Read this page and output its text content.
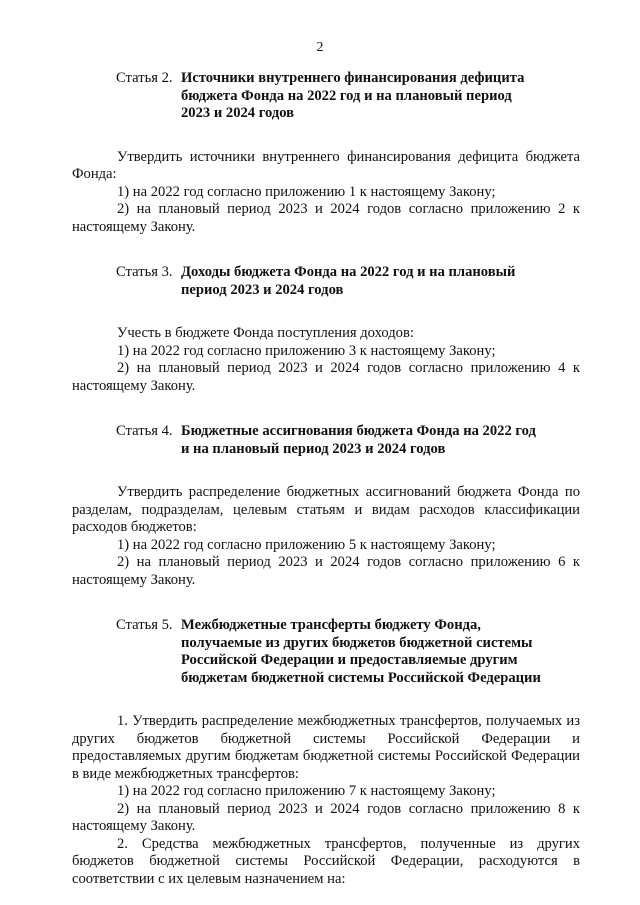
2
Статья 2. Источники внутреннего финансирования дефицита
бюджета Фонда на 2022 год и на плановый период
2023 и 2024 годов

Утвердить источники внутреннего финансирования дефицита бюджета Фонда:

1) на 2022 год согласно приложению 1 к настоящему Закону;

2) на плановый период 2023 и 2024 годов согласно приложению 2 к настоящему Закону.

Статья 3. Доходы бюджета Фонда на 2022 год и на плановый
период 2023 и 2024 годов

Учесть в бюджете Фонда поступления доходов:

1) на 2022 год согласно приложению 3 к настоящему Закону;

2) на плановый период 2023 и 2024 годов согласно приложению 4 к настоящему Закону.

Статья 4. Бюджетные ассигнования бюджета Фонда на 2022 год
и на плановый период 2023 и 2024 годов

Утвердить распределение бюджетных ассигнований бюджета Фонда по разделам, подразделам, целевым статьям и видам расходов классификации расходов бюджетов:

1) на 2022 год согласно приложению 5 к настоящему Закону;

2) на плановый период 2023 и 2024 годов согласно приложению 6 к настоящему Закону.

Статья 5. Межбюджетные трансферты бюджету Фонда,
получаемые из других бюджетов бюджетной системы
Российской Федерации и предоставляемые другим
бюджетам бюджетной системы Российской Федерации

1. Утвердить распределение межбюджетных трансфертов, получаемых из других бюджетов бюджетной системы Российской Федерации и предоставляемых другим бюджетам бюджетной системы Российской Федерации в виде межбюджетных трансфертов:

1) на 2022 год согласно приложению 7 к настоящему Закону;

2) на плановый период 2023 и 2024 годов согласно приложению 8 к настоящему Закону.

2. Средства межбюджетных трансфертов, полученные из других бюджетов бюджетной системы Российской Федерации, расходуются в соответствии с их целевым назначением на:
